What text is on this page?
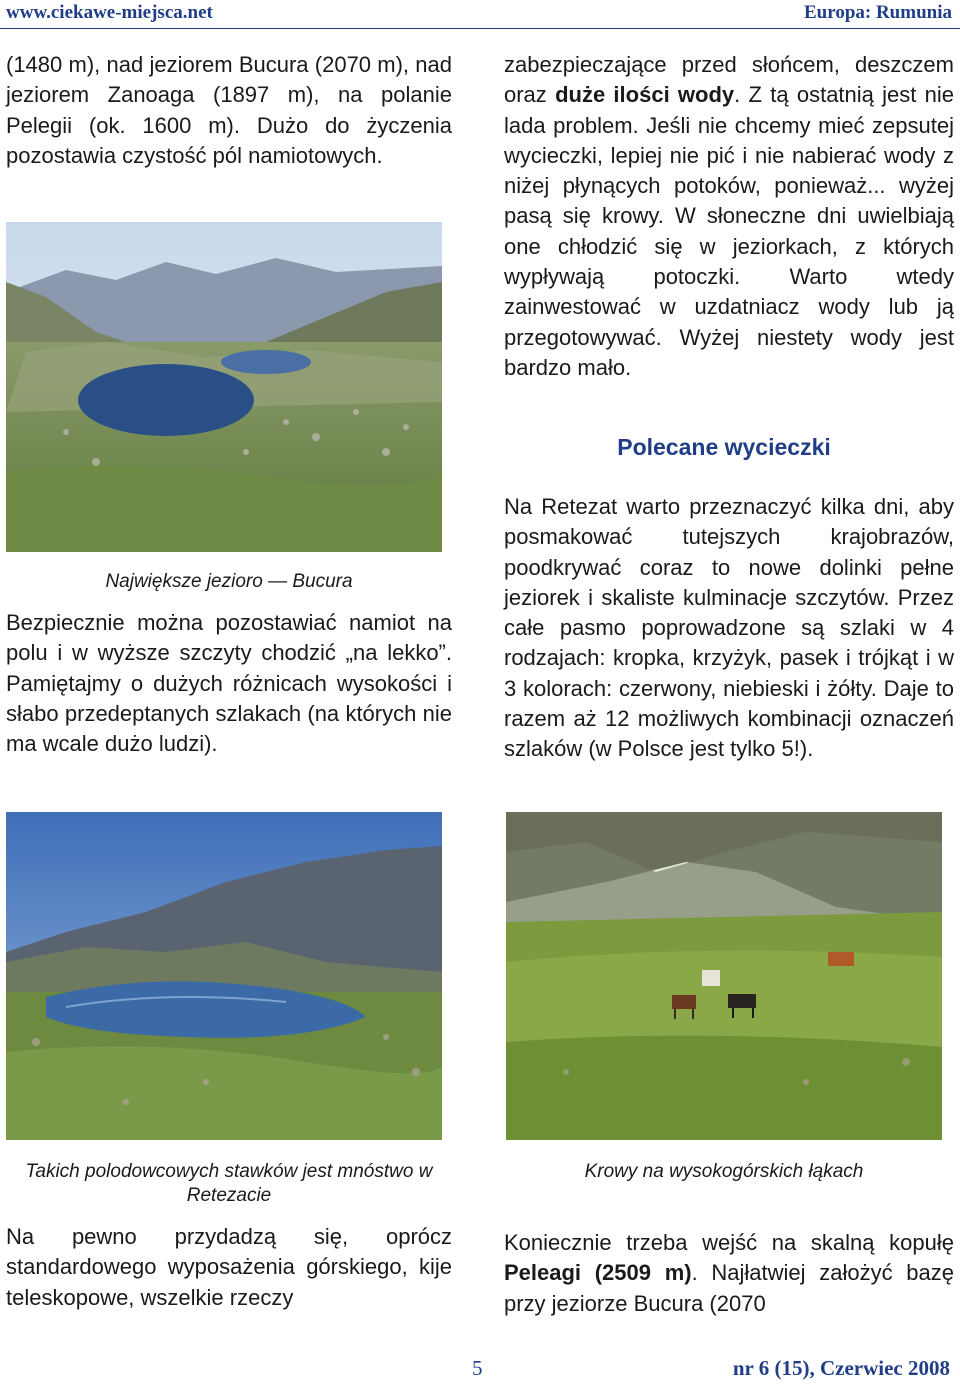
www.ciekawe-miejsca.net	Europa: Rumunia

(1480 m), nad jeziorem Bucura (2070 m), nad jeziorem Zanoaga (1897 m), na polanie Pelegii (ok. 1600 m). Dużo do życzenia pozostawia czystość pól namiotowych.

Największe jezioro — Bucura

Bezpiecznie można pozostawiać namiot na polu i w wyższe szczyty chodzić „na lekko”. Pamiętajmy o dużych różnicach wysokości i słabo przedeptanych szlakach (na których nie ma wcale dużo ludzi).

Takich polodowcowych stawków jest mnóstwo w Retezacie

Na pewno przydadzą się, oprócz standardowego wyposażenia górskiego, kije teleskopowe, wszelkie rzeczy

zabezpieczające przed słońcem, deszczem oraz duże ilości wody. Z tą ostatnią jest nie lada problem. Jeśli nie chcemy mieć zepsutej wycieczki, lepiej nie pić i nie nabierać wody z niżej płynących potoków, ponieważ... wyżej pasą się krowy. W słoneczne dni uwielbiają one chłodzić się w jeziorkach, z których wypływają potoczki. Warto wtedy zainwestować w uzdatniacz wody lub ją przegotowywać. Wyżej niestety wody jest bardzo mało.

Polecane wycieczki

Na Retezat warto przeznaczyć kilka dni, aby posmakować tutejszych krajobrazów, poodkrywać coraz to nowe dolinki pełne jeziorek i skaliste kulminacje szczytów. Przez całe pasmo poprowadzone są szlaki w 4 rodzajach: kropka, krzyżyk, pasek i trójkąt i w 3 kolorach: czerwony, niebieski i żółty. Daje to razem aż 12 możliwych kombinacji oznaczeń szlaków (w Polsce jest tylko 5!).

Krowy na wysokogórskich łąkach

Koniecznie trzeba wejść na skalną kopułę Peleagi (2509 m). Najłatwiej założyć bazę przy jeziorze Bucura (2070

5	nr 6 (15), Czerwiec 2008
